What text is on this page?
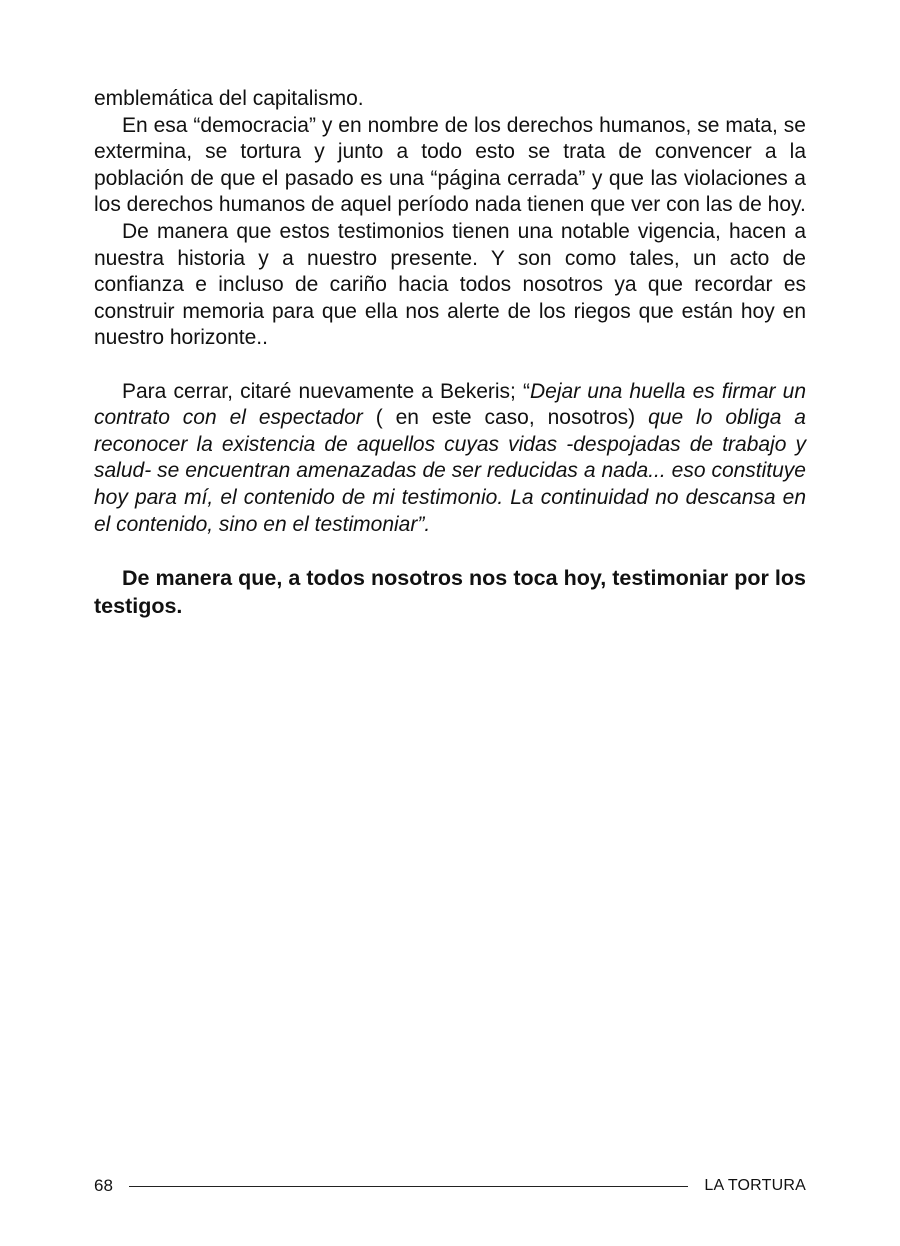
emblemática del capitalismo.

En esa “democracia” y en nombre de los derechos humanos, se mata, se extermina, se tortura y junto a todo esto se trata de convencer a la población de que el pasado es una “página cerrada” y que las violaciones a los derechos humanos de aquel período nada tienen que ver con las de hoy.

De manera que estos testimonios tienen una notable vigencia, hacen a nuestra historia y a nuestro presente. Y son como tales, un acto de confianza e incluso de cariño hacia todos nosotros ya que recordar es construir memoria para que ella nos alerte de los riegos que están hoy en nuestro horizonte..

Para cerrar, citaré nuevamente a Bekeris; “Dejar una huella es firmar un contrato con el espectador ( en este caso, nosotros) que lo obliga a reconocer la existencia de aquellos cuyas vidas -despojadas de trabajo y salud- se encuentran amenazadas de ser reducidas a nada... eso constituye hoy para mí, el contenido de mi testimonio. La continuidad no descansa en el contenido, sino en el testimoniar”.

De manera que, a todos nosotros nos toca hoy, testimoniar por los testigos.

68	LA TORTURA
